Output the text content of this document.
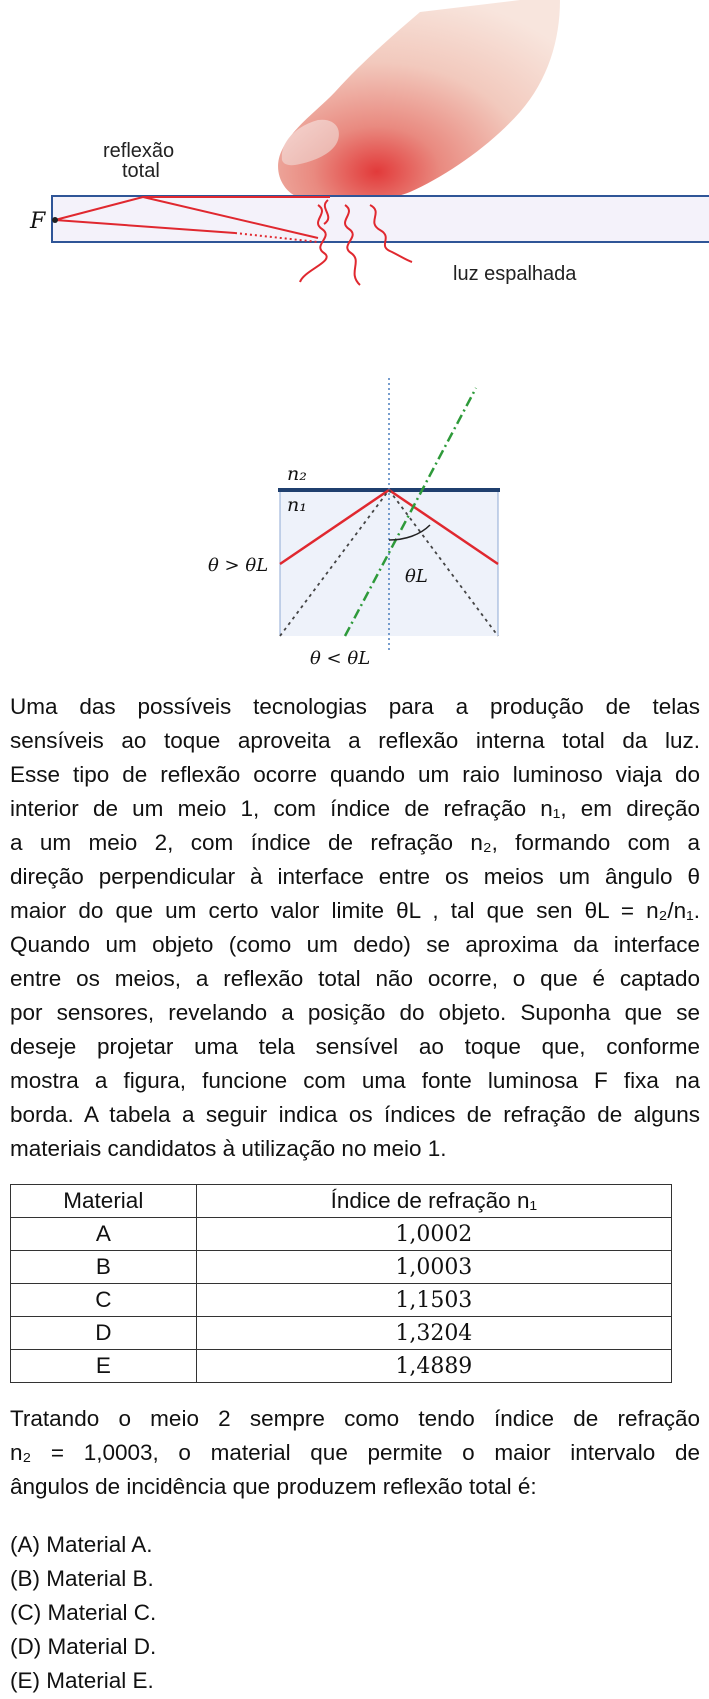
reflexão
total
F
luz espalhada
n₂
n₁
θ > θL
θL
θ < θL
Uma das possíveis tecnologias para a produção de telas
sensíveis ao toque aproveita a reflexão interna total da luz.
Esse tipo de reflexão ocorre quando um raio luminoso viaja do
interior de um meio 1, com índice de refração n₁, em direção
a um meio 2, com índice de refração n₂, formando com a
direção perpendicular à interface entre os meios um ângulo θ
maior do que um certo valor limite θL , tal que sen θL = n₂/n₁.
Quando um objeto (como um dedo) se aproxima da interface
entre os meios, a reflexão total não ocorre, o que é captado
por sensores, revelando a posição do objeto. Suponha que se
deseje projetar uma tela sensível ao toque que, conforme
mostra a figura, funcione com uma fonte luminosa F fixa na
borda. A tabela a seguir indica os índices de refração de alguns
materiais candidatos à utilização no meio 1.
Material	Índice de refração n₁
A	1,0002
B	1,0003
C	1,1503
D	1,3204
E	1,4889
Tratando o meio 2 sempre como tendo índice de refração
n₂ = 1,0003, o material que permite o maior intervalo de
ângulos de incidência que produzem reflexão total é:
(A) Material A.
(B) Material B.
(C) Material C.
(D) Material D.
(E) Material E.
